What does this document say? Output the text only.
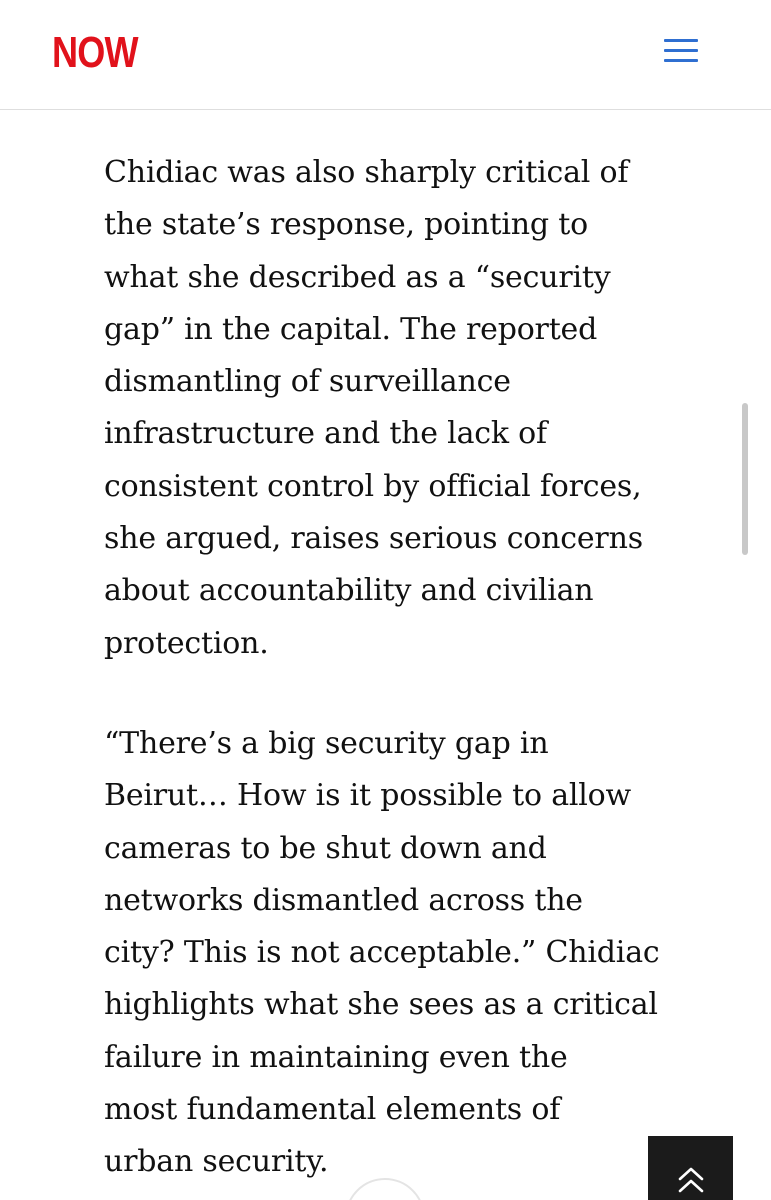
NOW

Chidiac was also sharply critical of
the state’s response, pointing to
what she described as a “security
gap” in the capital. The reported
dismantling of surveillance
infrastructure and the lack of
consistent control by official forces,
she argued, raises serious concerns
about accountability and civilian
protection.

“There’s a big security gap in
Beirut… How is it possible to allow
cameras to be shut down and
networks dismantled across the
city? This is not acceptable.” Chidiac
highlights what she sees as a critical
failure in maintaining even the
most fundamental elements of
urban security.
